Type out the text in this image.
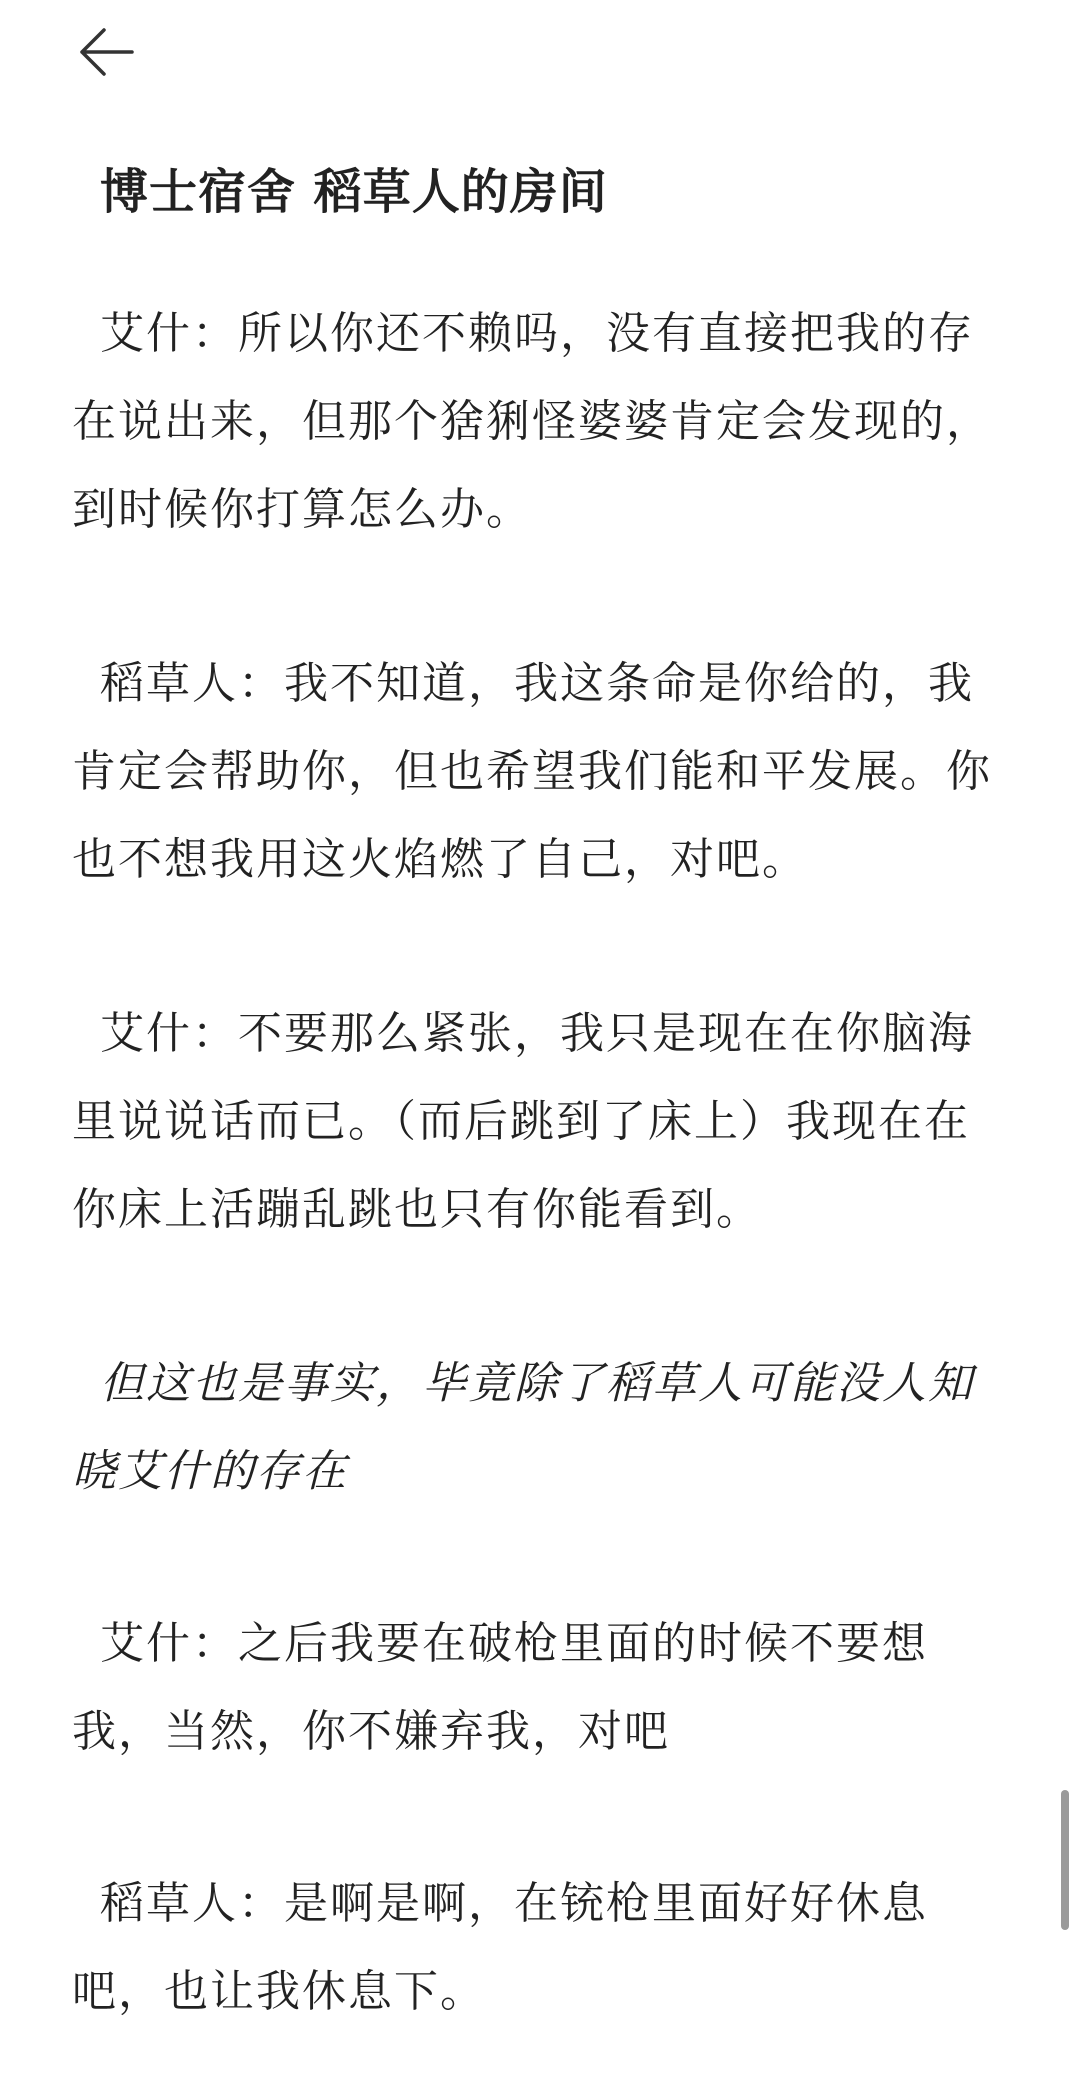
博士宿舍 稻草人的房间

艾什：所以你还不赖吗，没有直接把我的存在说出来，但那个猞猁怪婆婆肯定会发现的，到时候你打算怎么办。

稻草人：我不知道，我这条命是你给的，我肯定会帮助你，但也希望我们能和平发展。你也不想我用这火焰燃了自己，对吧。

艾什：不要那么紧张，我只是现在在你脑海里说说话而已。（而后跳到了床上）我现在在你床上活蹦乱跳也只有你能看到。

但这也是事实，毕竟除了稻草人可能没人知晓艾什的存在

艾什：之后我要在破枪里面的时候不要想我，当然，你不嫌弃我，对吧

稻草人：是啊是啊，在铳枪里面好好休息吧，也让我休息下。
